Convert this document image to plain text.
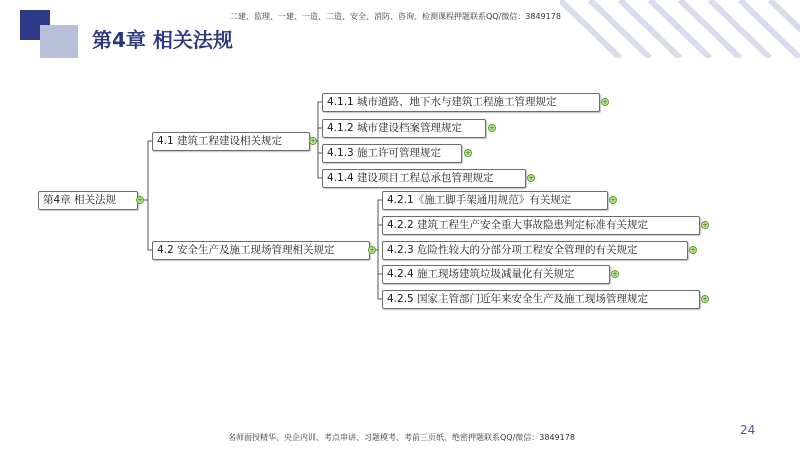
二建、监理、一建、一造、二造、安全、消防、咨询、检测课程押题联系QQ/微信：3849178
第4章 相关法规
第4章 相关法规	+
4.1 建筑工程建设相关规定	+
4.1.1 城市道路、地下水与建筑工程施工管理规定	+
4.1.2 城市建设档案管理规定	+
4.1.3 施工许可管理规定	+
4.1.4 建设项目工程总承包管理规定	+
4.2 安全生产及施工现场管理相关规定	+
4.2.1《施工脚手架通用规范》有关规定	+
4.2.2 建筑工程生产安全重大事故隐患判定标准有关规定	+
4.2.3 危险性较大的分部分项工程安全管理的有关规定	+
4.2.4 施工现场建筑垃圾减量化有关规定	+
4.2.5 国家主管部门近年来安全生产及施工现场管理规定	+
24
名师面授精华、央企内训、考点串讲、习题模考、考前三页纸、绝密押题联系QQ/微信：3849178
